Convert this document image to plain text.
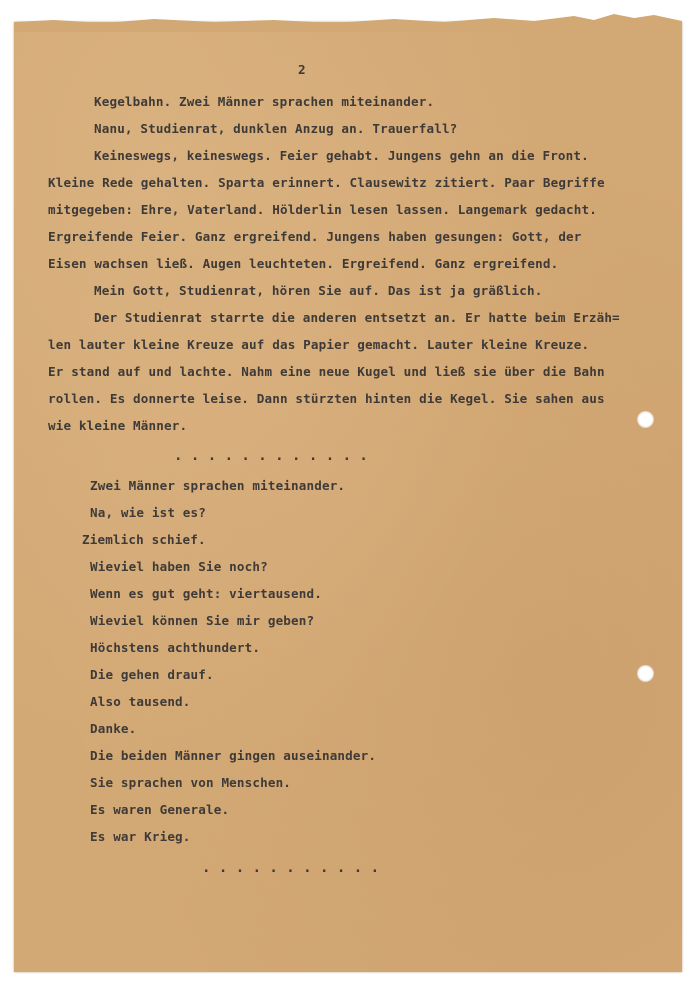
2
Kegelbahn. Zwei Männer sprachen miteinander.
Nanu, Studienrat, dunklen Anzug an. Trauerfall?
Keineswegs, keineswegs. Feier gehabt. Jungens gehn an die Front.
Kleine Rede gehalten. Sparta erinnert. Clausewitz zitiert. Paar Begriffe
mitgegeben: Ehre, Vaterland. Hölderlin lesen lassen. Langemark gedacht.
Ergreifende Feier. Ganz ergreifend. Jungens haben gesungen: Gott, der
Eisen wachsen ließ. Augen leuchteten. Ergreifend. Ganz ergreifend.
Mein Gott, Studienrat, hören Sie auf. Das ist ja gräßlich.
Der Studienrat starrte die anderen entsetzt an. Er hatte beim Erzäh=
len lauter kleine Kreuze auf das Papier gemacht. Lauter kleine Kreuze.
Er stand auf und lachte. Nahm eine neue Kugel und ließ sie über die Bahn
rollen. Es donnerte leise. Dann stürzten hinten die Kegel. Sie sahen aus
wie kleine Männer.
. . . . . . . . . . . .
Zwei Männer sprachen miteinander.
Na, wie ist es?
Ziemlich schief.
Wieviel haben Sie noch?
Wenn es gut geht: viertausend.
Wieviel können Sie mir geben?
Höchstens achthundert.
Die gehen drauf.
Also tausend.
Danke.
Die beiden Männer gingen auseinander.
Sie sprachen von Menschen.
Es waren Generale.
Es war Krieg.
. . . . . . . . . . .
